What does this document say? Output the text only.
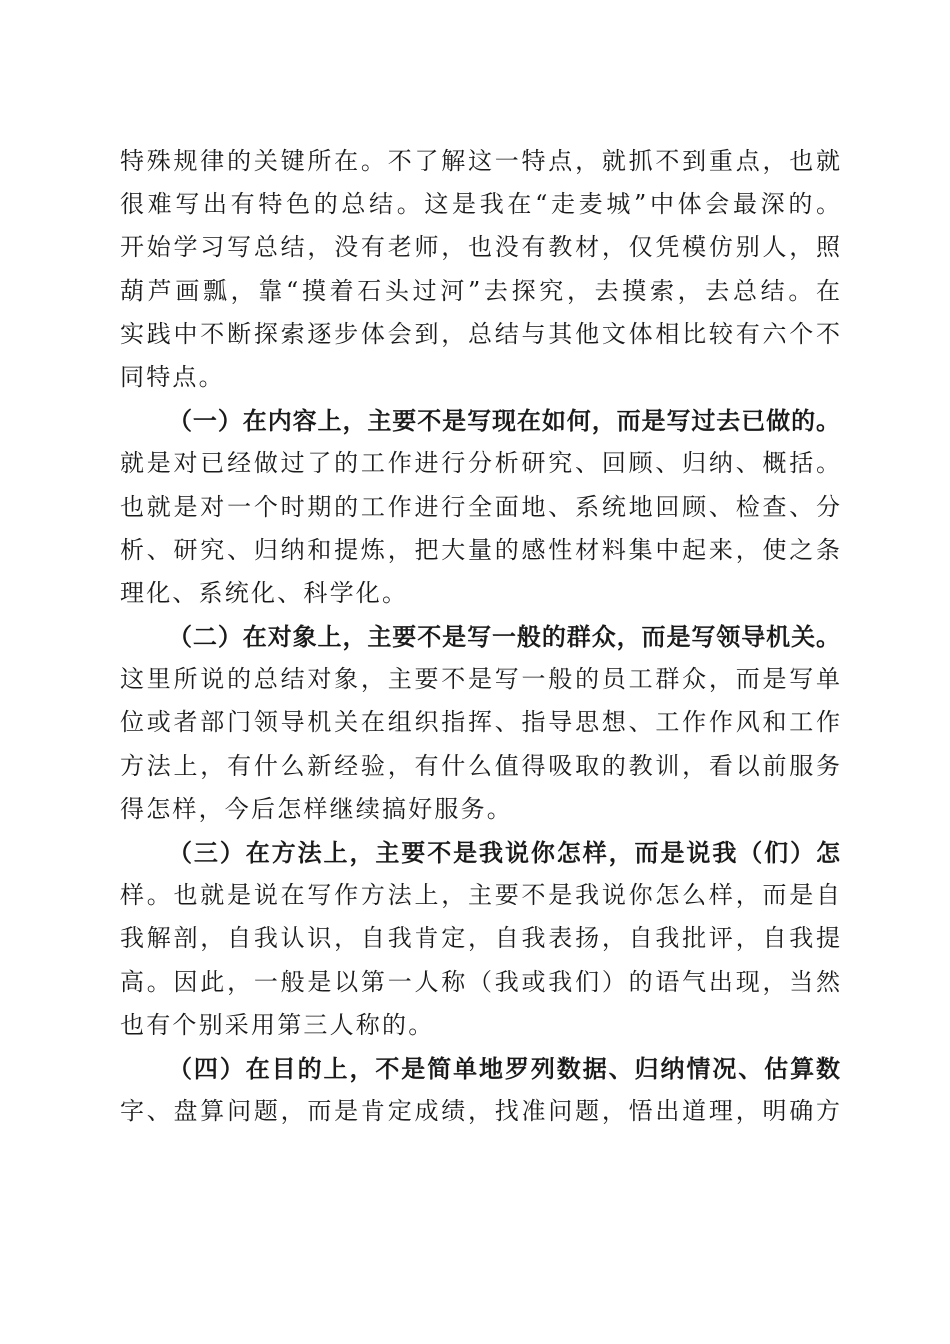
特殊规律的关键所在。不了解这一特点，就抓不到重点，也就
很难写出有特色的总结。这是我在“走麦城”中体会最深的。
开始学习写总结，没有老师，也没有教材，仅凭模仿别人，照
葫芦画瓢，靠“摸着石头过河”去探究，去摸索，去总结。在
实践中不断探索逐步体会到，总结与其他文体相比较有六个不
同特点。
（一）在内容上，主要不是写现在如何，而是写过去已做的。
就是对已经做过了的工作进行分析研究、回顾、归纳、概括。
也就是对一个时期的工作进行全面地、系统地回顾、检查、分
析、研究、归纳和提炼，把大量的感性材料集中起来，使之条
理化、系统化、科学化。
（二）在对象上，主要不是写一般的群众，而是写领导机关。
这里所说的总结对象，主要不是写一般的员工群众，而是写单
位或者部门领导机关在组织指挥、指导思想、工作作风和工作
方法上，有什么新经验，有什么值得吸取的教训，看以前服务
得怎样，今后怎样继续搞好服务。
（三）在方法上，主要不是我说你怎样，而是说我（们）怎
样。也就是说在写作方法上，主要不是我说你怎么样，而是自
我解剖，自我认识，自我肯定，自我表扬，自我批评，自我提
高。因此，一般是以第一人称（我或我们）的语气出现，当然
也有个别采用第三人称的。
（四）在目的上，不是简单地罗列数据、归纳情况、估算数
字、盘算问题，而是肯定成绩，找准问题，悟出道理，明确方
